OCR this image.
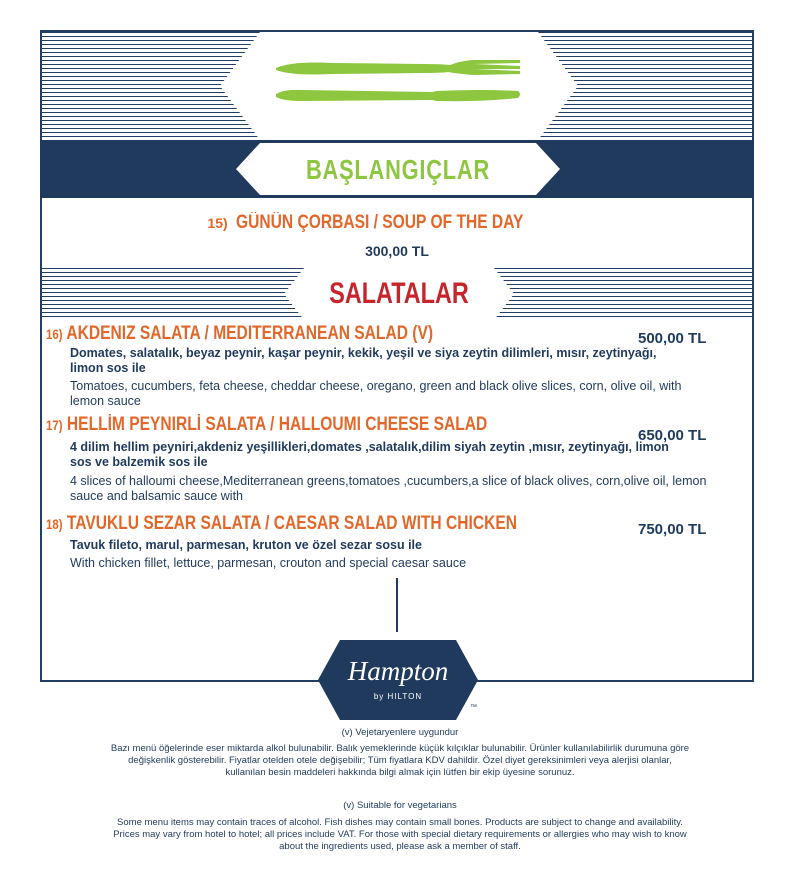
BAŞLANGIÇLAR
15) GÜNÜN ÇORBASI / SOUP OF THE DAY
300,00 TL
SALATALAR
16) AKDENIZ SALATA / MEDITERRANEAN SALAD (V)	500,00 TL
Domates, salatalık, beyaz peynir, kaşar peynir, kekik, yeşil ve siya zeytin dilimleri, mısır, zeytinyağı, limon sos ile
Tomatoes, cucumbers, feta cheese, cheddar cheese, oregano, green and black olive slices, corn, olive oil, with lemon sauce
17) HELLİM PEYNIRLİ SALATA / HALLOUMI CHEESE SALAD
650,00 TL
4 dilim hellim peyniri,akdeniz yeşillikleri,domates ,salatalık,dilim siyah zeytin ,mısır, zeytinyağı, limon sos ve balzemik sos ile
4 slices of halloumi cheese,Mediterranean greens,tomatoes ,cucumbers,a slice of black olives, corn,olive oil, lemon sauce and balsamic sauce with
18) TAVUKLU SEZAR SALATA / CAESAR SALAD WITH CHICKEN	750,00 TL
Tavuk fileto, marul, parmesan, kruton ve özel sezar sosu ile
With chicken fillet, lettuce, parmesan, crouton and special caesar sauce
Hampton
by HILTON
™
(v) Vejetaryenlere uygundur
Bazı menü öğelerinde eser miktarda alkol bulunabilir. Balık yemeklerinde küçük kılçıklar bulunabilir. Ürünler kullanılabilirlik durumuna göre değişkenlik gösterebilir. Fiyatlar otelden otele değişebilir; Tüm fiyatlara KDV dahildir. Özel diyet gereksinimleri veya alerjisi olanlar, kullanılan besin maddeleri hakkında bilgi almak için lütfen bir ekip üyesine sorunuz.
(v) Suitable for vegetarians
Some menu items may contain traces of alcohol. Fish dishes may contain small bones. Products are subject to change and availability. Prices may vary from hotel to hotel; all prices include VAT. For those with special dietary requirements or allergies who may wish to know about the ingredients used, please ask a member of staff.
